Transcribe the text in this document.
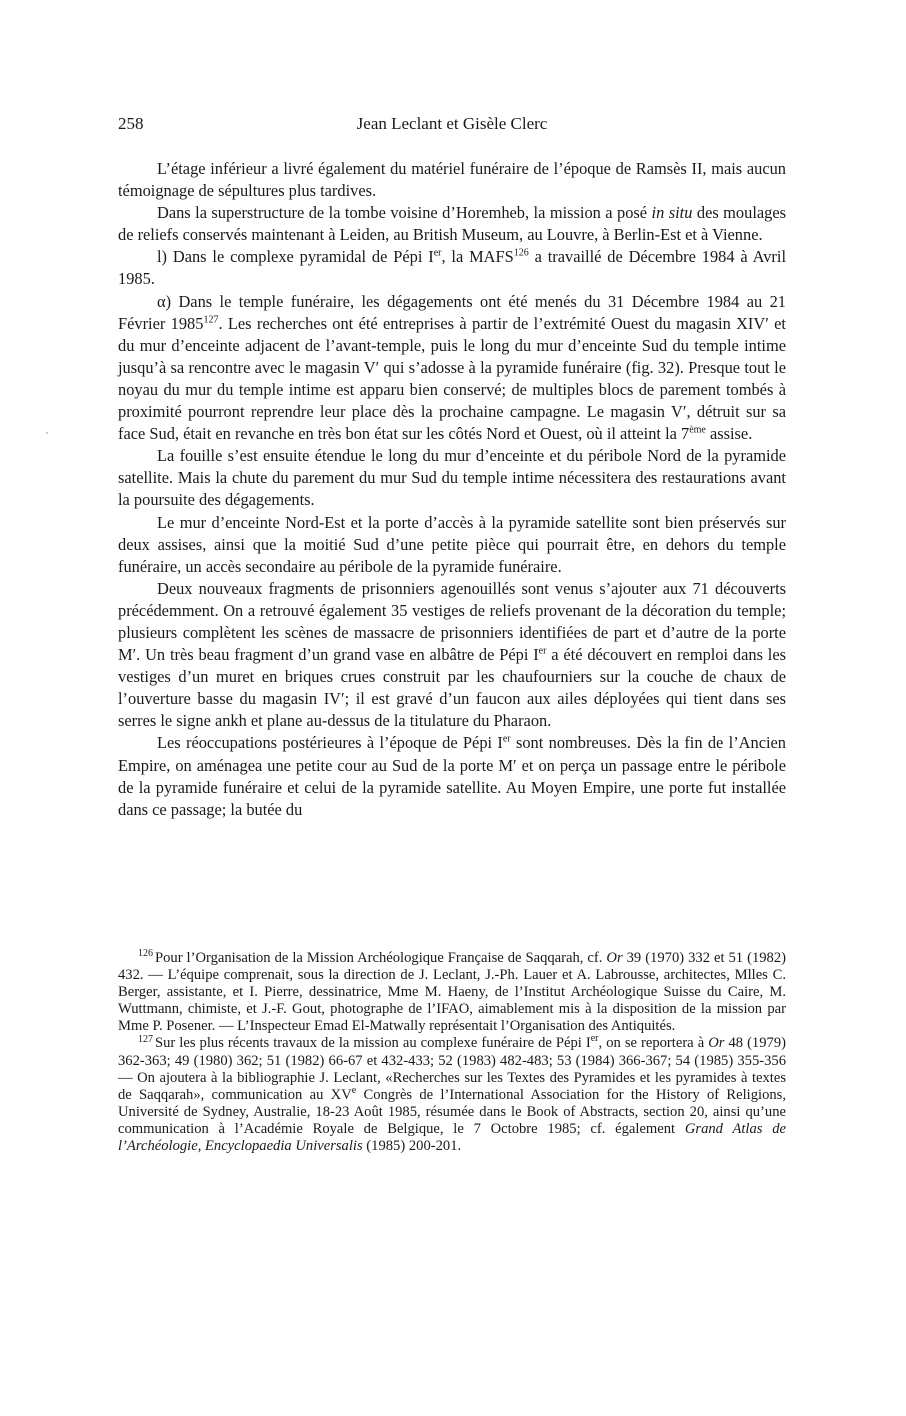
258	Jean Leclant et Gisèle Clerc

L’étage inférieur a livré également du matériel funéraire de l’époque de Ramsès II, mais aucun témoignage de sépultures plus tardives.

Dans la superstructure de la tombe voisine d’Horemheb, la mission a posé in situ des moulages de reliefs conservés maintenant à Leiden, au British Museum, au Louvre, à Berlin-Est et à Vienne.

l) Dans le complexe pyramidal de Pépi Ier, la MAFS$^{126}$ a travaillé de Décembre 1984 à Avril 1985.

α) Dans le temple funéraire, les dégagements ont été menés du 31 Décembre 1984 au 21 Février 1985$^{127}$. Les recherches ont été entreprises à partir de l’extrémité Ouest du magasin XIV′ et du mur d’enceinte adjacent de l’avant-temple, puis le long du mur d’enceinte Sud du temple intime jusqu’à sa rencontre avec le magasin V′ qui s’adosse à la pyramide funéraire (fig. 32). Presque tout le noyau du mur du temple intime est apparu bien conservé; de multiples blocs de parement tombés à proximité pourront reprendre leur place dès la prochaine campagne. Le magasin V′, détruit sur sa face Sud, était en revanche en très bon état sur les côtés Nord et Ouest, où il atteint la 7ème assise.

La fouille s’est ensuite étendue le long du mur d’enceinte et du péribole Nord de la pyramide satellite. Mais la chute du parement du mur Sud du temple intime nécessitera des restaurations avant la poursuite des dégagements.

Le mur d’enceinte Nord-Est et la porte d’accès à la pyramide satellite sont bien préservés sur deux assises, ainsi que la moitié Sud d’une petite pièce qui pourrait être, en dehors du temple funéraire, un accès secondaire au péribole de la pyramide funéraire.

Deux nouveaux fragments de prisonniers agenouillés sont venus s’ajouter aux 71 découverts précédemment. On a retrouvé également 35 vestiges de reliefs provenant de la décoration du temple; plusieurs complètent les scènes de massacre de prisonniers identifiées de part et d’autre de la porte M′. Un très beau fragment d’un grand vase en albâtre de Pépi Ier a été découvert en remploi dans les vestiges d’un muret en briques crues construit par les chaufourniers sur la couche de chaux de l’ouverture basse du magasin IV′; il est gravé d’un faucon aux ailes déployées qui tient dans ses serres le signe ankh et plane au-dessus de la titulature du Pharaon.

Les réoccupations postérieures à l’époque de Pépi Ier sont nombreuses. Dès la fin de l’Ancien Empire, on aménagea une petite cour au Sud de la porte M′ et on perça un passage entre le péribole de la pyramide funéraire et celui de la pyramide satellite. Au Moyen Empire, une porte fut installée dans ce passage; la butée du

$^{126}$ Pour l’Organisation de la Mission Archéologique Française de Saqqarah, cf. Or 39 (1970) 332 et 51 (1982) 432. — L’équipe comprenait, sous la direction de J. Leclant, J.-Ph. Lauer et A. Labrousse, architectes, Mlles C. Berger, assistante, et I. Pierre, dessinatrice, Mme M. Haeny, de l’Institut Archéologique Suisse du Caire, M. Wuttmann, chimiste, et J.-F. Gout, photographe de l’IFAO, aimablement mis à la disposition de la mission par Mme P. Posener. — L’Inspecteur Emad El-Matwally représentait l’Organisation des Antiquités.

$^{127}$ Sur les plus récents travaux de la mission au complexe funéraire de Pépi Ier, on se reportera à Or 48 (1979) 362-363; 49 (1980) 362; 51 (1982) 66-67 et 432-433; 52 (1983) 482-483; 53 (1984) 366-367; 54 (1985) 355-356 — On ajoutera à la bibliographie J. Leclant, «Recherches sur les Textes des Pyramides et les pyramides à textes de Saqqarah», communication au XVe Congrès de l’International Association for the History of Religions, Université de Sydney, Australie, 18-23 Août 1985, résumée dans le Book of Abstracts, section 20, ainsi qu’une communication à l’Académie Royale de Belgique, le 7 Octobre 1985; cf. également Grand Atlas de l’Archéologie, Encyclopaedia Universalis (1985) 200-201.
